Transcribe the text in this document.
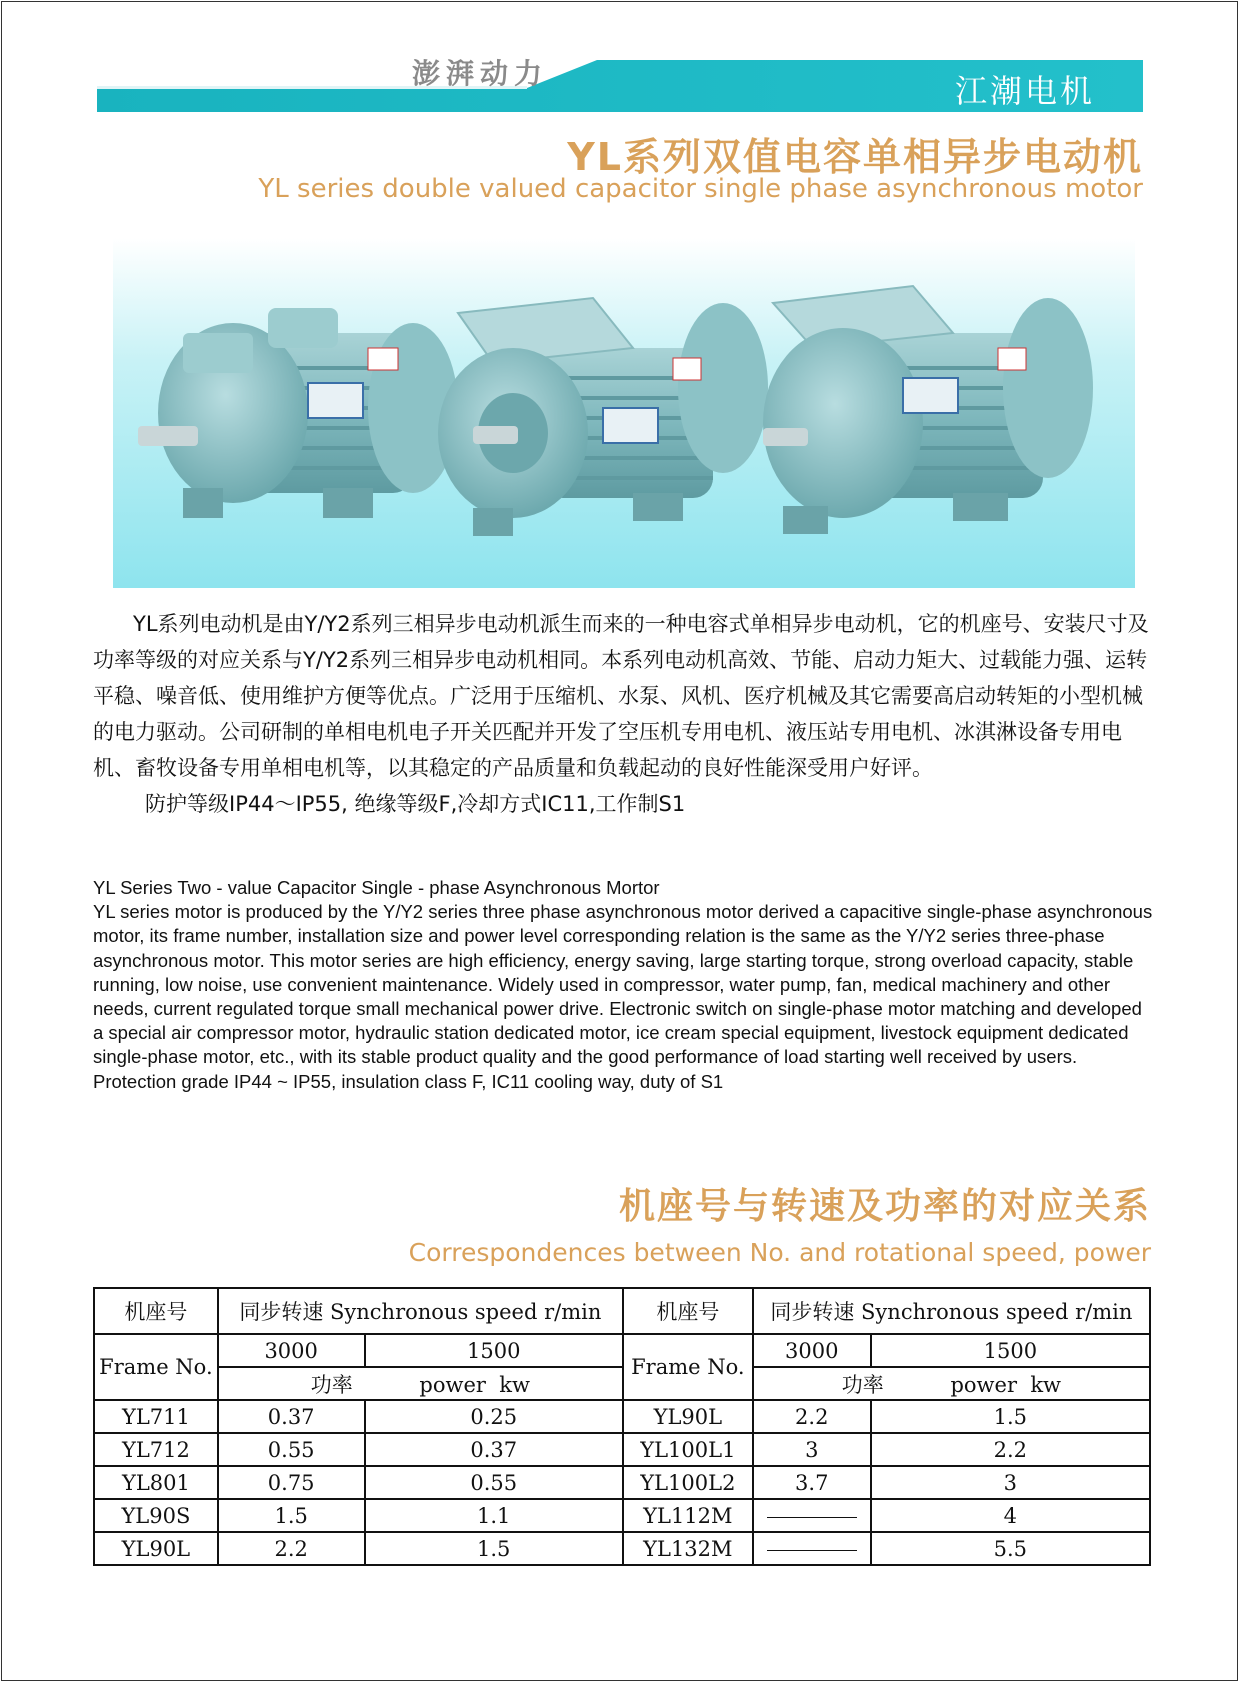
澎湃动力	江潮电机
YL系列双值电容单相异步电动机
YL series double valued capacitor single phase asynchronous motor

YL系列电动机是由Y/Y2系列三相异步电动机派生而来的一种电容式单相异步电动机，它的机座号、安装尺寸及功率等级的对应关系与Y/Y2系列三相异步电动机相同。本系列电动机高效、节能、启动力矩大、过载能力强、运转平稳、噪音低、使用维护方便等优点。广泛用于压缩机、水泵、风机、医疗机械及其它需要高启动转矩的小型机械的电力驱动。公司研制的单相电机电子开关匹配并开发了空压机专用电机、液压站专用电机、冰淇淋设备专用电机、畜牧设备专用单相电机等，以其稳定的产品质量和负载起动的良好性能深受用户好评。

防护等级IP44～IP55, 绝缘等级F,冷却方式IC11,工作制S1

YL Series Two - value Capacitor Single - phase Asynchronous Mortor

YL series motor is produced by the Y/Y2 series three phase asynchronous motor derived a capacitive single-phase asynchronous motor, its frame number, installation size and power level corresponding relation is the same as the Y/Y2 series three-phase asynchronous motor. This motor series are high efficiency, energy saving, large starting torque, strong overload capacity, stable running, low noise, use convenient maintenance. Widely used in compressor, water pump, fan, medical machinery and other needs, current regulated torque small mechanical power drive. Electronic switch on single-phase motor matching and developed a special air compressor motor, hydraulic station dedicated motor, ice cream special equipment, livestock equipment dedicated single-phase motor, etc., with its stable product quality and the good performance of load starting well received by users.

Protection grade IP44 ~ IP55, insulation class F, IC11 cooling way, duty of S1

机座号与转速及功率的对应关系
Correspondences between No. and rotational speed, power
机座号	同步转速 Synchronous speed r/min		机座号	同步转速 Synchronous speed r/min	
Frame No.	3000	1500	Frame No.	3000	1500
	功率 power  kw			功率 power  kw	
YL711	0.37	0.25	YL90L	2.2	1.5
YL712	0.55	0.37	YL100L1	3	2.2
YL801	0.75	0.55	YL100L2	3.7	3
YL90S	1.5	1.1	YL112M		4
YL90L	2.2	1.5	YL132M		5.5
